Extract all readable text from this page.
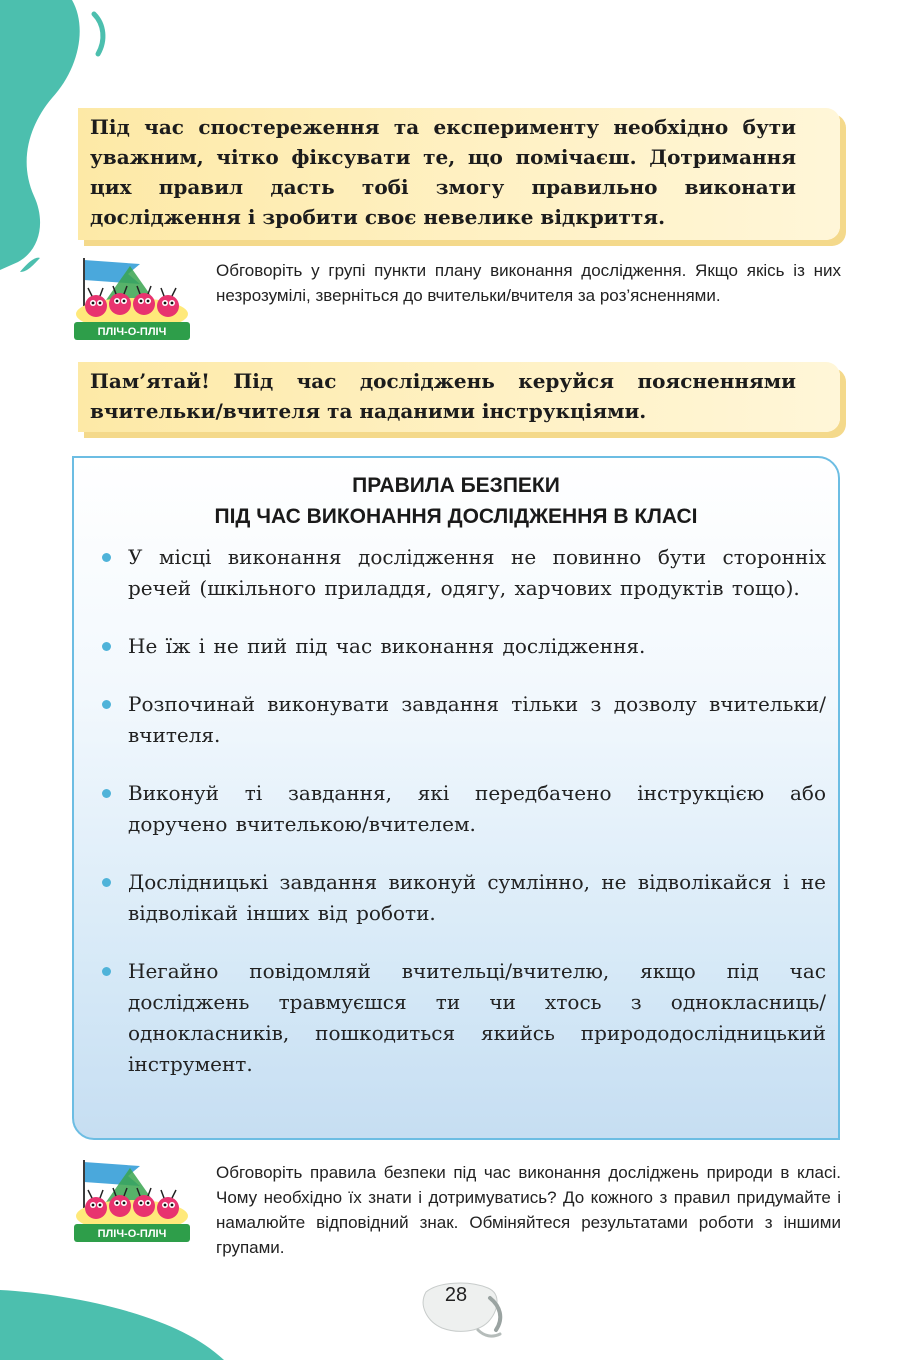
Під час спостереження та експерименту необхідно бути уважним, чітко фіксувати те, що помічаєш. Дотримання цих правил дасть тобі змогу правильно виконати дослідження і зробити своє невелике відкриття.

ПЛІЧ-О-ПЛІЧ

Обговоріть у групі пункти плану виконання дослідження. Якщо якісь із них незрозумілі, зверніться до вчительки/вчителя за роз’ясненнями.

Пам’ятай! Під час досліджень керуйся поясненнями вчительки/вчителя та наданими інструкціями.

ПРАВИЛА БЕЗПЕКИ
ПІД ЧАС ВИКОНАННЯ ДОСЛІДЖЕННЯ В КЛАСІ
У місці виконання дослідження не повинно бути сторонніх речей (шкільного приладдя, одягу, харчових продуктів тощо).
Не їж і не пий під час виконання дослідження.
Розпочинай виконувати завдання тільки з дозволу вчительки/вчителя.
Виконуй ті завдання, які передбачено інструкцією або доручено вчителькою/вчителем.
Дослідницькі завдання виконуй сумлінно, не відволікайся і не відволікай інших від роботи.
Негайно повідомляй вчительці/вчителю, якщо під час досліджень травмуєшся ти чи хтось з однокласниць/однокласників, пошкодиться якийсь природодослідницький інструмент.
ПЛІЧ-О-ПЛІЧ

Обговоріть правила безпеки під час виконання досліджень природи в класі. Чому необхідно їх знати і дотримуватись? До кожного з правил придумайте і намалюйте відповідний знак. Обміняйтеся результатами роботи з іншими групами.

28
